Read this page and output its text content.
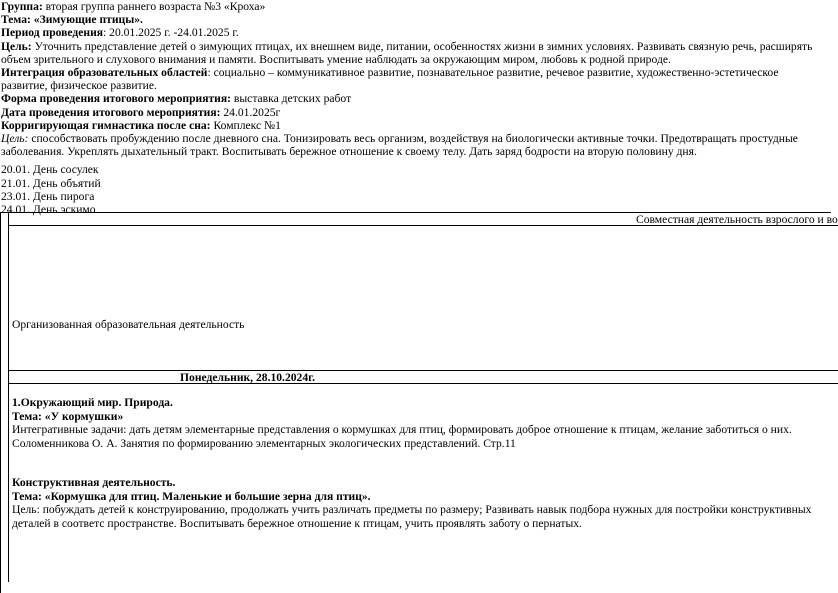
Группа: вторая группа раннего возраста №3 «Кроха»

Тема: «Зимующие птицы».

Период проведения: 20.01.2025 г. -24.01.2025 г.

Цель: Уточнить представление детей о зимующих птицах, их внешнем виде, питании, особенностях жизни в зимних условиях. Развивать связную речь, расширять объем зрительного и слухового внимания и памяти. Воспитывать умение наблюдать за окружающим миром, любовь к родной природе.

Интеграция образовательных областей: социально – коммуникативное развитие, познавательное развитие, речевое развитие, художественно-эстетическое развитие, физическое развитие.

Форма проведения итогового мероприятия: выставка детских работ

Дата проведения итогового мероприятия: 24.01.2025г

Корригирующая гимнастика после сна: Комплекс №1

Цель: способствовать пробуждению после дневного сна. Тонизировать весь организм, воздействуя на биологически активные точки. Предотвращать простудные заболевания. Укреплять дыхательный тракт. Воспитывать бережное отношение к своему телу. Дать заряд бодрости на вторую половину дня.

20.01. День сосулек

21.01. День объятий

23.01. День пирога

24.01. День эскимо

Совместная деятельность взрослого и во
Организованная образовательная деятельность
Понедельник, 28.10.2024г.

1.Окружающий мир. Природа.

Тема: «У кормушки»

Интегративные задачи: дать детям элементарные представления о кормушках для птиц, формировать доброе отношение к птицам, желание заботиться о них.

Соломенникова О. А. Занятия по формированию элементарных экологических представлений. Стр.11

Конструктивная деятельность.

Тема: «Кормушка для птиц. Маленькие и большие зерна для птиц».

Цель: побуждать детей к конструированию, продолжать учить различать предметы по размеру; Развивать навык подбора нужных для постройки конструктивных деталей в соответс пространстве. Воспитывать бережное отношение к птицам, учить проявлять заботу о пернатых.
